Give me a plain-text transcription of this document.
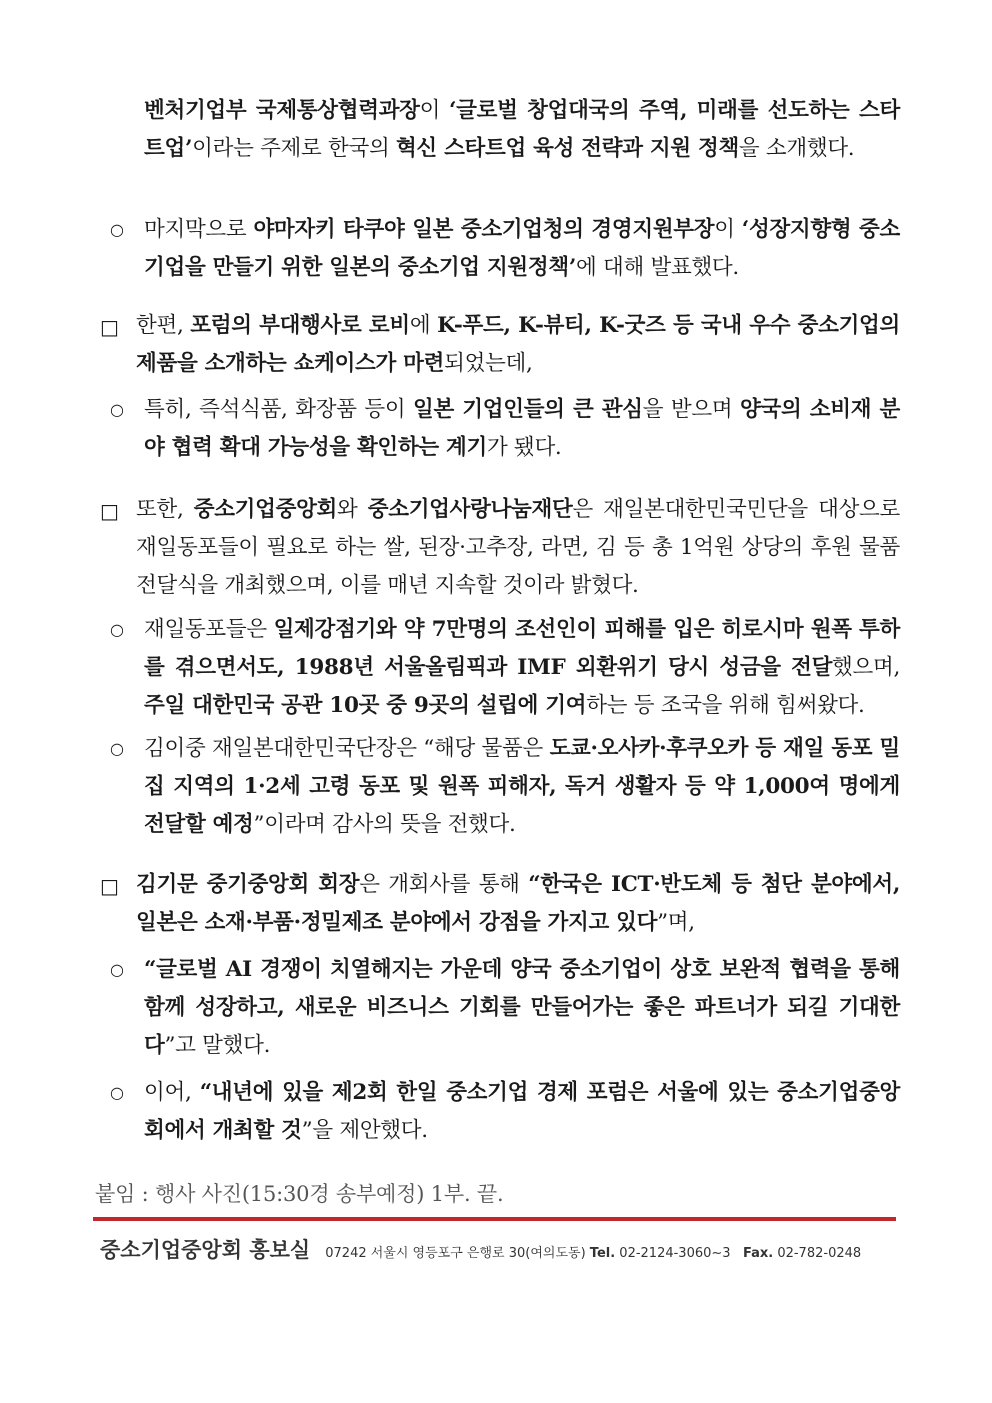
벤처기업부 국제통상협력과장이 ‘글로벌 창업대국의 주역, 미래를 선도하는 스타트업’이라는 주제로 한국의 혁신 스타트업 육성 전략과 지원 정책을 소개했다.
○ 마지막으로 야마자키 타쿠야 일본 중소기업청의 경영지원부장이 ‘성장지향형 중소기업을 만들기 위한 일본의 중소기업 지원정책’에 대해 발표했다.
□ 한편, 포럼의 부대행사로 로비에 K-푸드, K-뷰티, K-굿즈 등 국내 우수 중소기업의 제품을 소개하는 쇼케이스가 마련되었는데,
○ 특히, 즉석식품, 화장품 등이 일본 기업인들의 큰 관심을 받으며 양국의 소비재 분야 협력 확대 가능성을 확인하는 계기가 됐다.
□ 또한, 중소기업중앙회와 중소기업사랑나눔재단은 재일본대한민국민단을 대상으로 재일동포들이 필요로 하는 쌀, 된장·고추장, 라면, 김 등 총 1억원 상당의 후원 물품 전달식을 개최했으며, 이를 매년 지속할 것이라 밝혔다.
○ 재일동포들은 일제강점기와 약 7만명의 조선인이 피해를 입은 히로시마 원폭 투하를 겪으면서도, 1988년 서울올림픽과 IMF 외환위기 당시 성금을 전달했으며, 주일 대한민국 공관 10곳 중 9곳의 설립에 기여하는 등 조국을 위해 힘써왔다.
○ 김이중 재일본대한민국단장은 “해당 물품은 도쿄·오사카·후쿠오카 등 재일 동포 밀집 지역의 1·2세 고령 동포 및 원폭 피해자, 독거 생활자 등 약 1,000여 명에게 전달할 예정”이라며 감사의 뜻을 전했다.
□ 김기문 중기중앙회 회장은 개회사를 통해 “한국은 ICT·반도체 등 첨단 분야에서, 일본은 소재·부품·정밀제조 분야에서 강점을 가지고 있다”며,
○ “글로벌 AI 경쟁이 치열해지는 가운데 양국 중소기업이 상호 보완적 협력을 통해 함께 성장하고, 새로운 비즈니스 기회를 만들어가는 좋은 파트너가 되길 기대한다”고 말했다.
○ 이어, “내년에 있을 제2회 한일 중소기업 경제 포럼은 서울에 있는 중소기업중앙회에서 개최할 것”을 제안했다.
붙임 : 행사 사진(15:30경 송부예정) 1부. 끝.
중소기업중앙회 홍보실 07242 서울시 영등포구 은행로 30(여의도동) Tel. 02-2124-3060~3 Fax. 02-782-0248
